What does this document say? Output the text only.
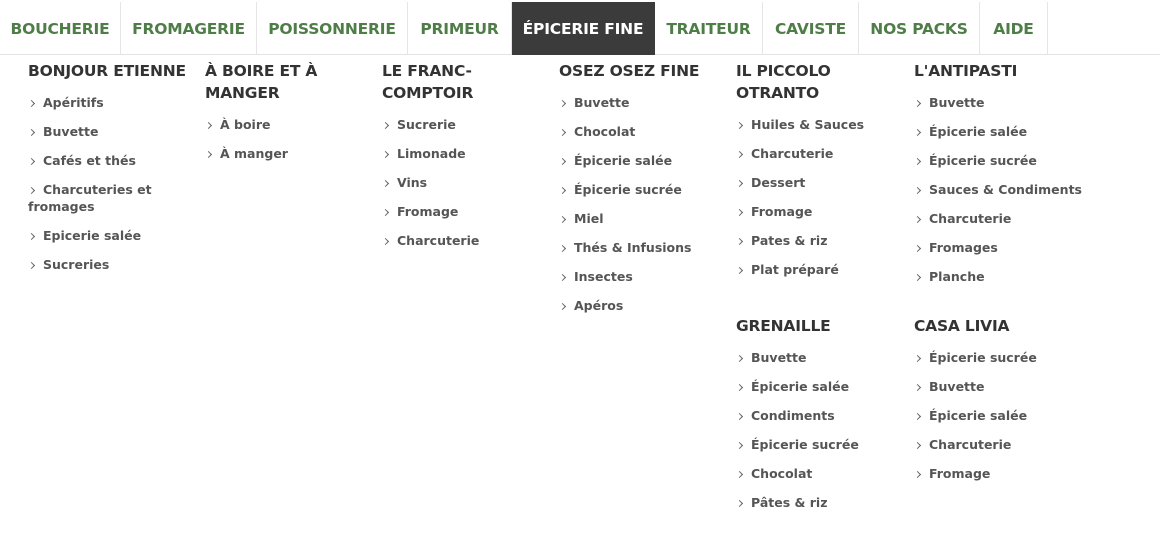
BOUCHERIE	FROMAGERIE	POISSONNERIE	PRIMEUR	ÉPICERIE FINE	TRAITEUR	CAVISTE	NOS PACKS	AIDE
BONJOUR ETIENNE
Apéritifs
Buvette
Cafés et thés
Charcuteries et fromages
Epicerie salée
Sucreries
À BOIRE ET À MANGER
À boire
À manger
LE FRANC-COMPTOIR
Sucrerie
Limonade
Vins
Fromage
Charcuterie
OSEZ OSEZ FINE
Buvette
Chocolat
Épicerie salée
Épicerie sucrée
Miel
Thés & Infusions
Insectes
Apéros
IL PICCOLO OTRANTO
Huiles & Sauces
Charcuterie
Dessert
Fromage
Pates & riz
Plat préparé
L'ANTIPASTI
Buvette
Épicerie salée
Épicerie sucrée
Sauces & Condiments
Charcuterie
Fromages
Planche
GRENAILLE
Buvette
Épicerie salée
Condiments
Épicerie sucrée
Chocolat
Pâtes & riz
CASA LIVIA
Épicerie sucrée
Buvette
Épicerie salée
Charcuterie
Fromage
